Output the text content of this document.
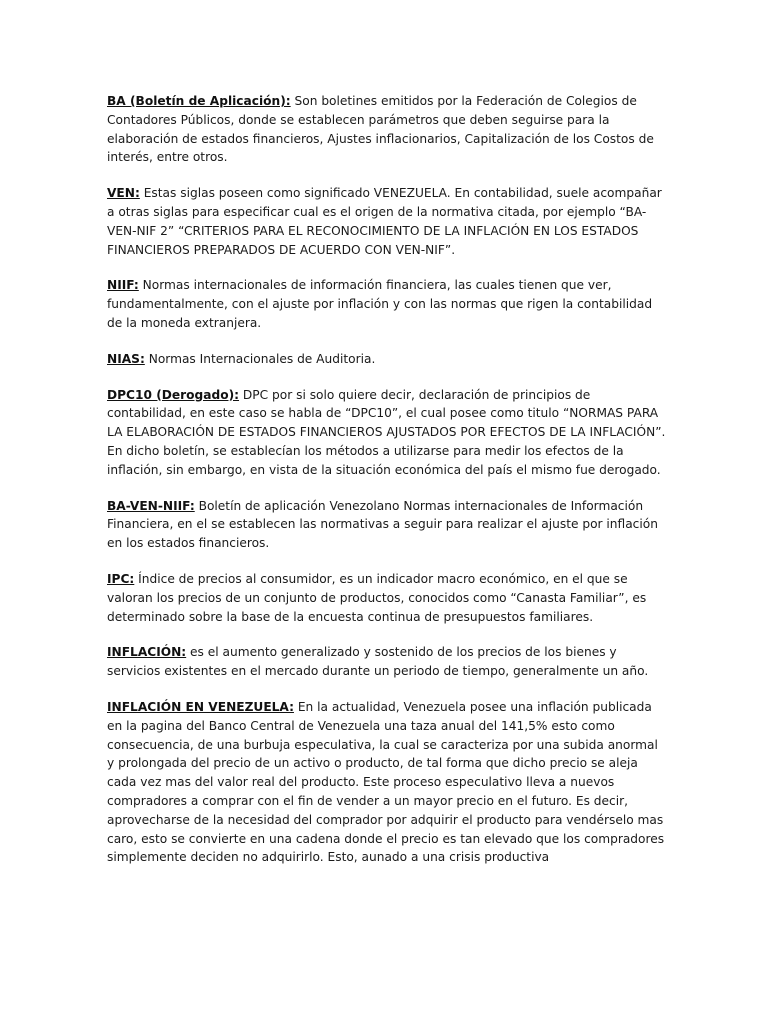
BA (Boletín de Aplicación): Son boletines emitidos por la Federación de Colegios de Contadores Públicos, donde se establecen parámetros que deben seguirse para la elaboración de estados financieros, Ajustes inflacionarios, Capitalización de los Costos de interés, entre otros.

VEN: Estas siglas poseen como significado VENEZUELA. En contabilidad, suele acompañar a otras siglas para especificar cual es el origen de la normativa citada, por ejemplo “BA-VEN-NIF 2” “CRITERIOS PARA EL RECONOCIMIENTO DE LA INFLACIÓN EN LOS ESTADOS FINANCIEROS PREPARADOS DE ACUERDO CON VEN-NIF”.

NIIF: Normas internacionales de información financiera, las cuales tienen que ver, fundamentalmente, con el ajuste por inflación y con las normas que rigen la contabilidad de la moneda extranjera.

NIAS: Normas Internacionales de Auditoria.

DPC10 (Derogado): DPC por si solo quiere decir, declaración de principios de contabilidad, en este caso se habla de “DPC10”, el cual posee como titulo “NORMAS PARA LA ELABORACIÓN DE ESTADOS FINANCIEROS AJUSTADOS POR EFECTOS DE LA INFLACIÓN”. En dicho boletín, se establecían los métodos a utilizarse para medir los efectos de la inflación, sin embargo, en vista de la situación económica del país el mismo fue derogado.

BA-VEN-NIIF: Boletín de aplicación Venezolano Normas internacionales de Información Financiera, en el se establecen las normativas a seguir para realizar el ajuste por inflación en los estados financieros.

IPC: Índice de precios al consumidor, es un indicador macro económico, en el que se valoran los precios de un conjunto de productos, conocidos como “Canasta Familiar”, es determinado sobre la base de la encuesta continua de presupuestos familiares.

INFLACIÓN: es el aumento generalizado y sostenido de los precios de los bienes y servicios existentes en el mercado durante un periodo de tiempo, generalmente un año.

INFLACIÓN EN VENEZUELA: En la actualidad, Venezuela posee una inflación publicada en la pagina del Banco Central de Venezuela una taza anual del 141,5% esto como consecuencia, de una burbuja especulativa, la cual se caracteriza por una subida anormal y prolongada del precio de un activo o producto, de tal forma que dicho precio se aleja cada vez mas del valor real del producto. Este proceso especulativo lleva a nuevos compradores a comprar con el fin de vender a un mayor precio en el futuro. Es decir, aprovecharse de la necesidad del comprador por adquirir el producto para vendérselo mas caro, esto se convierte en una cadena donde el precio es tan elevado que los compradores simplemente deciden no adquirirlo. Esto, aunado a una crisis productiva
